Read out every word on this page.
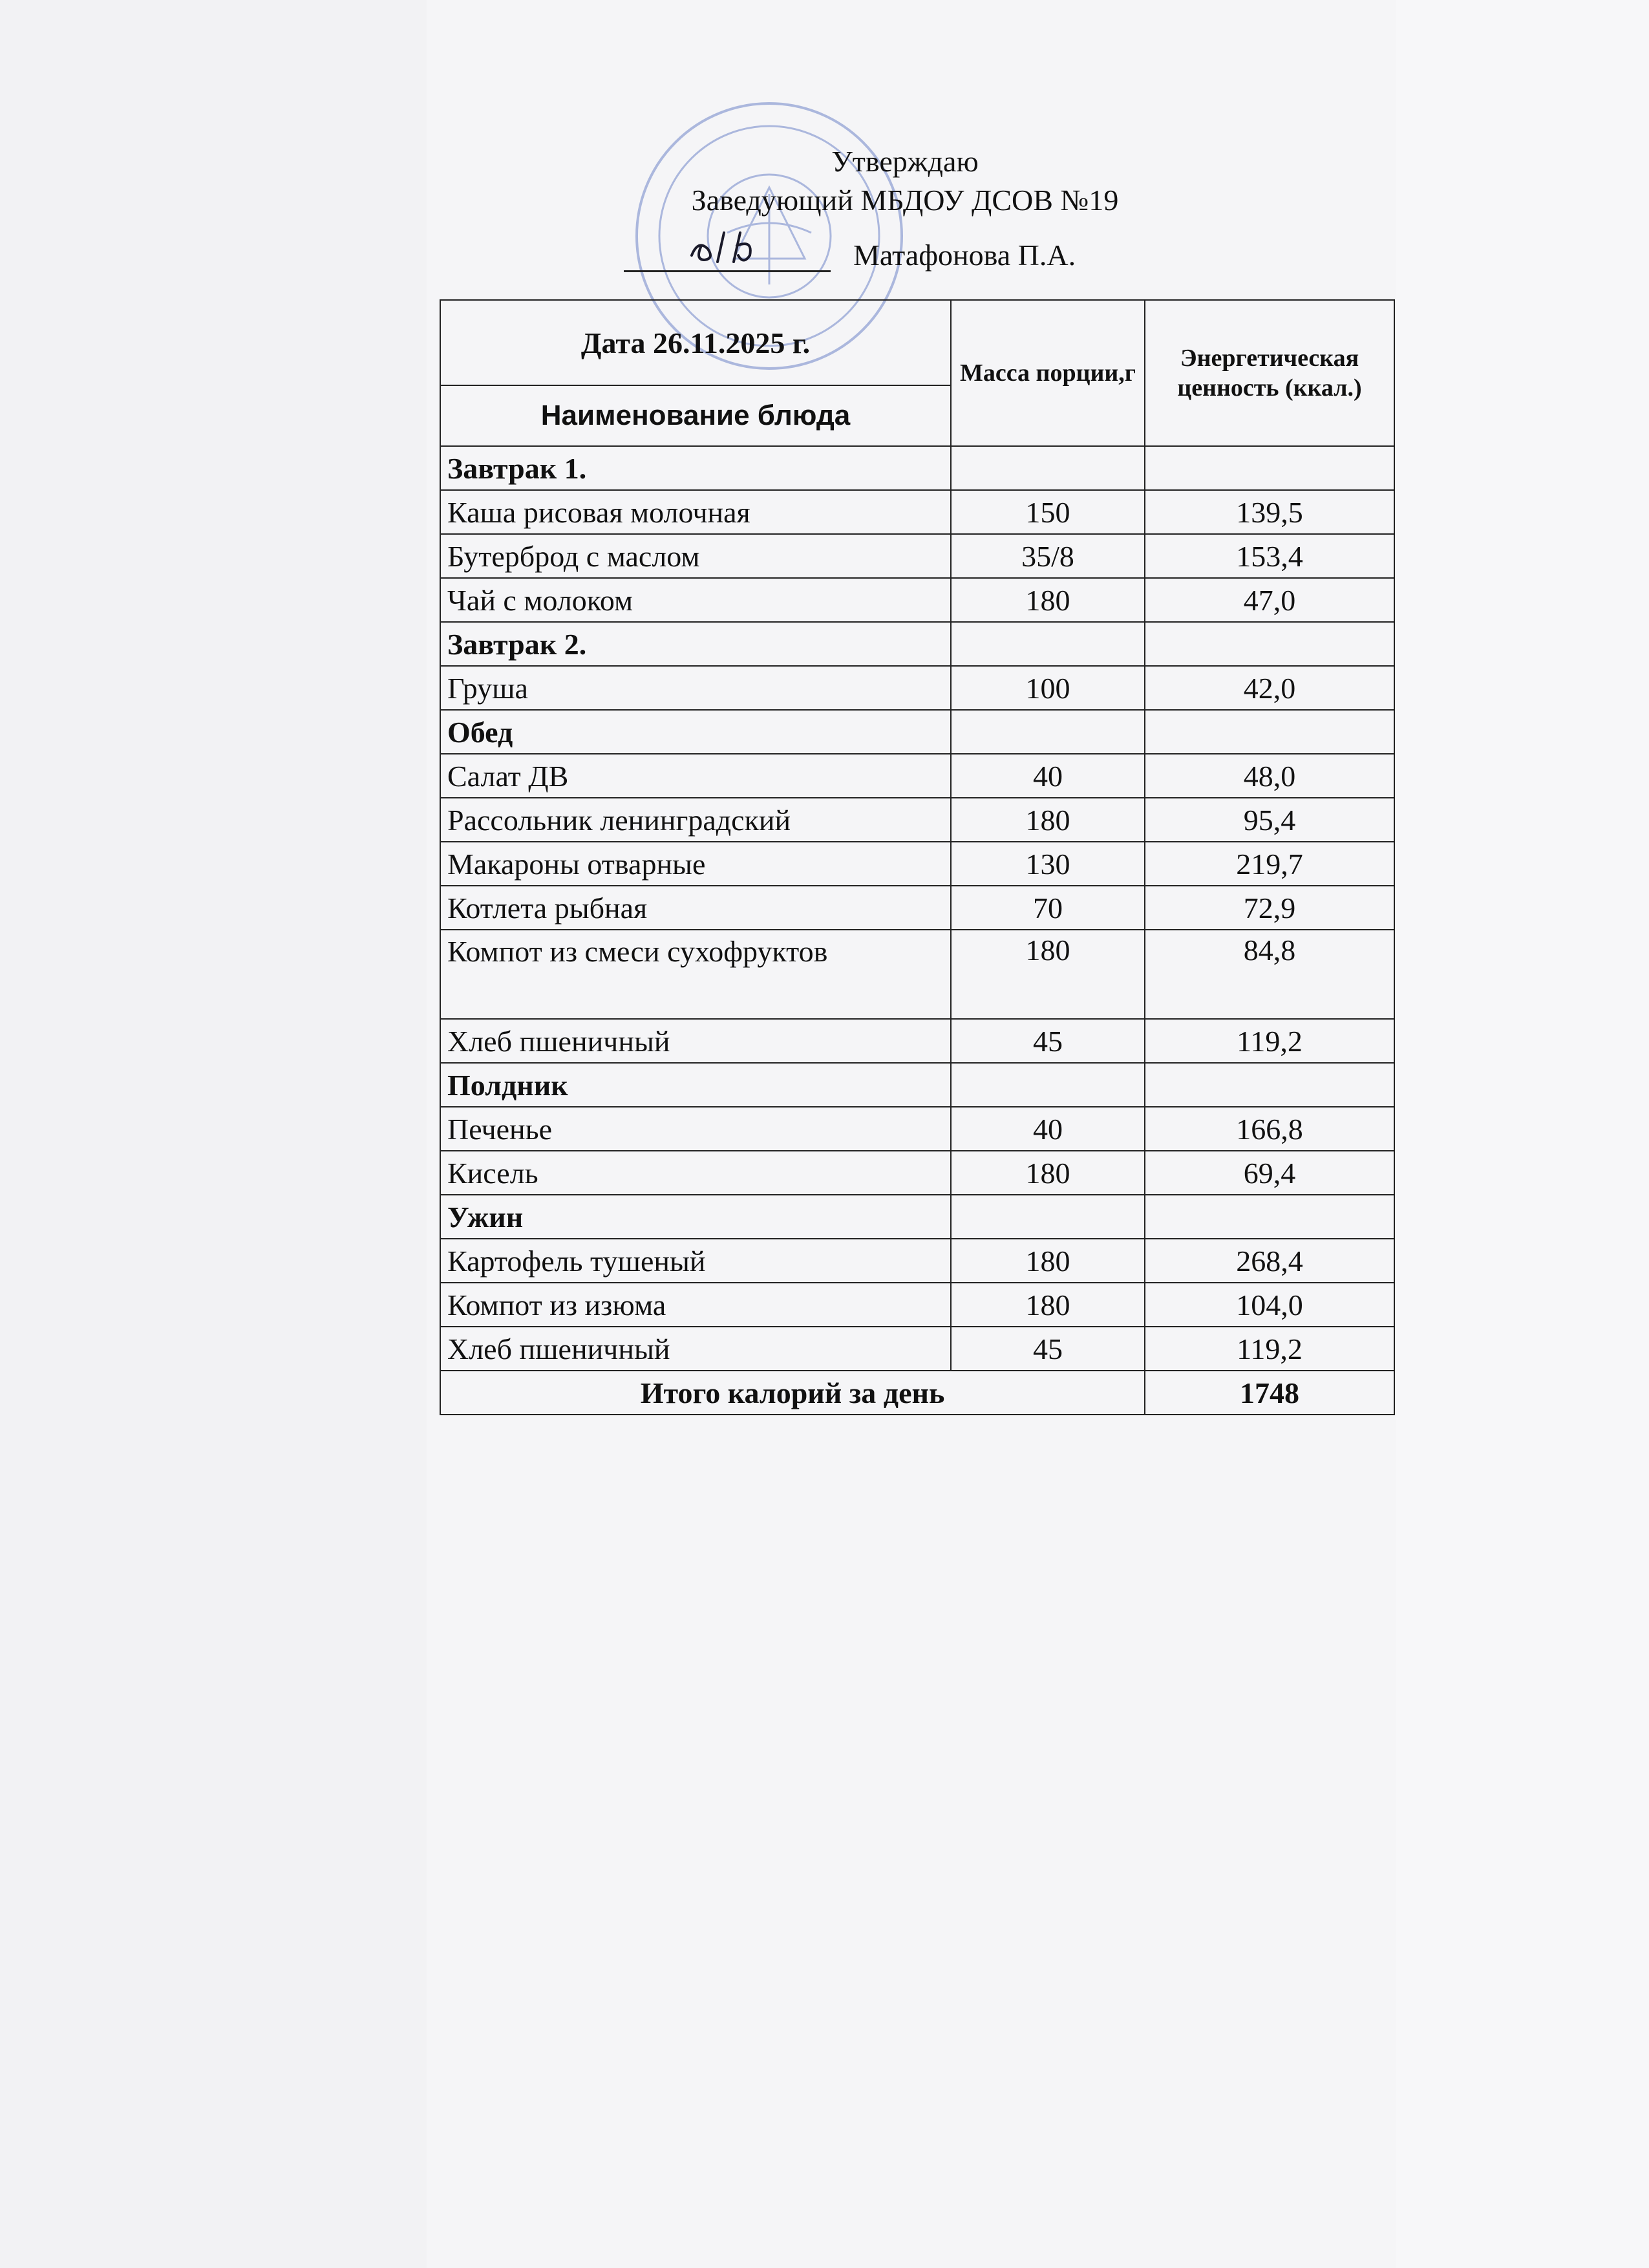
Утверждаю
Заведующий МБДОУ ДСОВ №19
Матафонова П.А.
Дата 26.11.2025 г.	Масса порции,г	Энергетическая ценность (ккал.)
Наименование блюда		
Завтрак 1.		
Каша рисовая молочная	150	139,5
Бутерброд с маслом	35/8	153,4
Чай с молоком	180	47,0
Завтрак 2.		
Груша	100	42,0
Обед		
Салат ДВ	40	48,0
Рассольник ленинградский	180	95,4
Макароны отварные	130	219,7
Котлета рыбная	70	72,9
Компот из смеси сухофруктов	180	84,8
Хлеб пшеничный	45	119,2
Полдник		
Печенье	40	166,8
Кисель	180	69,4
Ужин		
Картофель тушеный	180	268,4
Компот из изюма	180	104,0
Хлеб пшеничный	45	119,2
Итого калорий за день		1748
